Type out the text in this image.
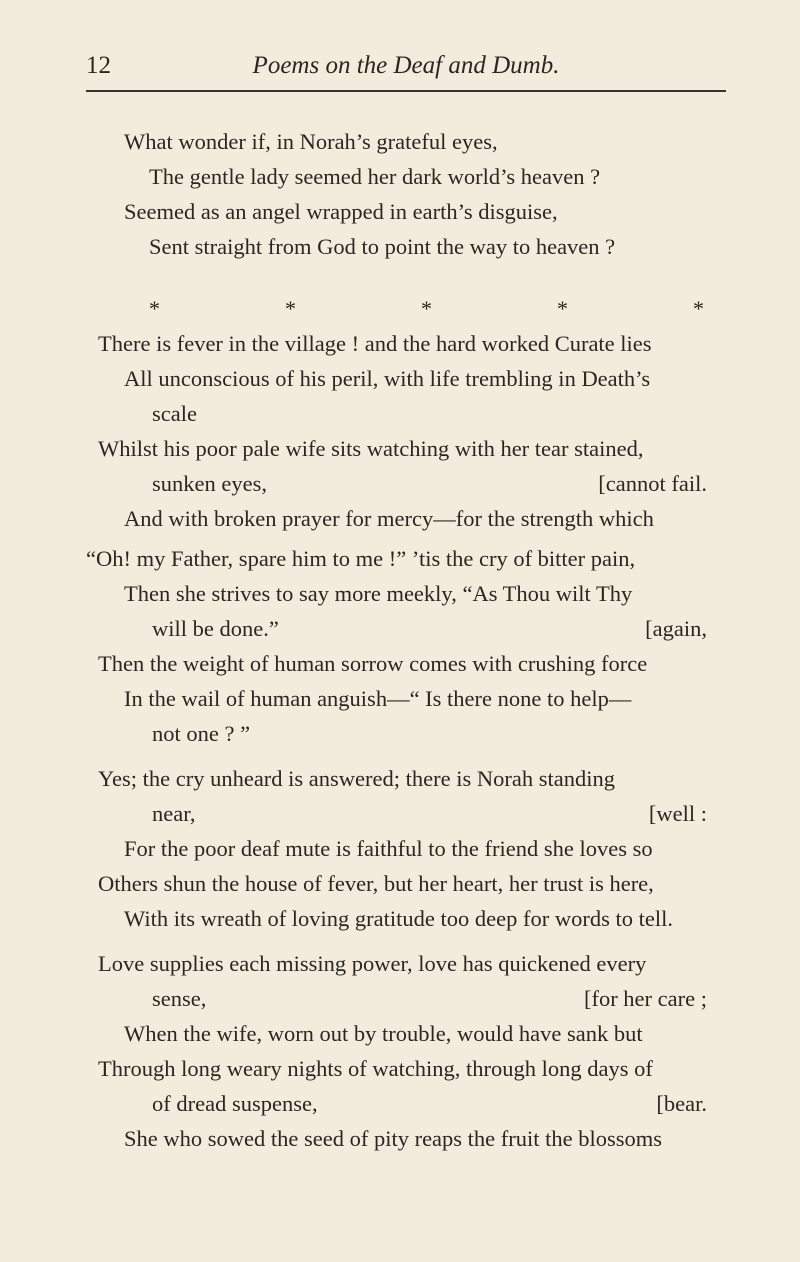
12	Poems on the Deaf and Dumb.
What wonder if, in Norah’s grateful eyes,
The gentle lady seemed her dark world’s heaven ?
Seemed as an angel wrapped in earth’s disguise,
Sent straight from God to point the way to heaven ?
*	*	*	*	*
There is fever in the village ! and the hard worked Curate lies
All unconscious of his peril, with life trembling in Death’s
scale
Whilst his poor pale wife sits watching with her tear stained,
sunken eyes,	[cannot fail.
And with broken prayer for mercy—for the strength which
“Oh! my Father, spare him to me !” ’tis the cry of bitter pain,
Then she strives to say more meekly, “As Thou wilt Thy
will be done.”	[again,
Then the weight of human sorrow comes with crushing force
In the wail of human anguish—“ Is there none to help—
not one ? ”
Yes; the cry unheard is answered; there is Norah standing
near,	[well :
For the poor deaf mute is faithful to the friend she loves so
Others shun the house of fever, but her heart, her trust is here,
With its wreath of loving gratitude too deep for words to tell.
Love supplies each missing power, love has quickened every
sense,	[for her care ;
When the wife, worn out by trouble, would have sank but
Through long weary nights of watching, through long days of
of dread suspense,	[bear.
She who sowed the seed of pity reaps the fruit the blossoms
